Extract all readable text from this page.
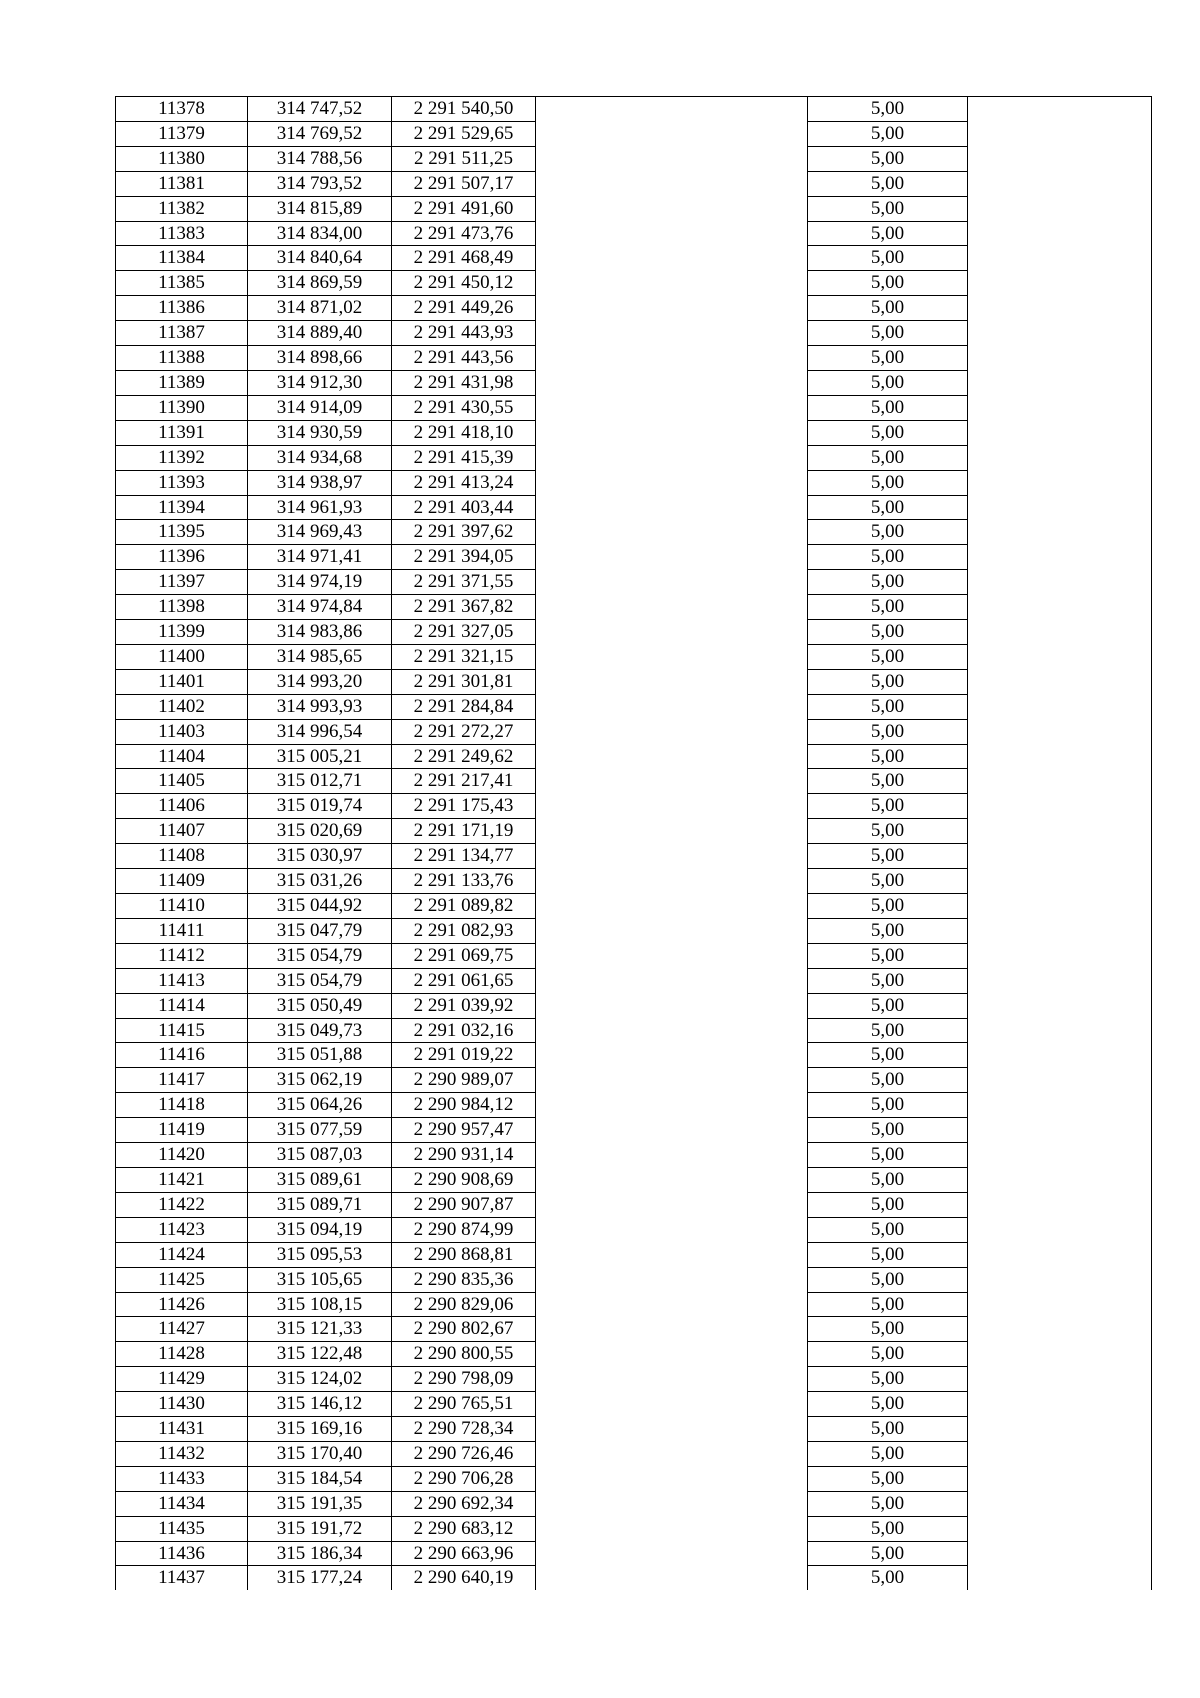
11378	314 747,52	2 291 540,50		5,00	
11379	314 769,52	2 291 529,65		5,00	
11380	314 788,56	2 291 511,25		5,00	
11381	314 793,52	2 291 507,17		5,00	
11382	314 815,89	2 291 491,60		5,00	
11383	314 834,00	2 291 473,76		5,00	
11384	314 840,64	2 291 468,49		5,00	
11385	314 869,59	2 291 450,12		5,00	
11386	314 871,02	2 291 449,26		5,00	
11387	314 889,40	2 291 443,93		5,00	
11388	314 898,66	2 291 443,56		5,00	
11389	314 912,30	2 291 431,98		5,00	
11390	314 914,09	2 291 430,55		5,00	
11391	314 930,59	2 291 418,10		5,00	
11392	314 934,68	2 291 415,39		5,00	
11393	314 938,97	2 291 413,24		5,00	
11394	314 961,93	2 291 403,44		5,00	
11395	314 969,43	2 291 397,62		5,00	
11396	314 971,41	2 291 394,05		5,00	
11397	314 974,19	2 291 371,55		5,00	
11398	314 974,84	2 291 367,82		5,00	
11399	314 983,86	2 291 327,05		5,00	
11400	314 985,65	2 291 321,15		5,00	
11401	314 993,20	2 291 301,81		5,00	
11402	314 993,93	2 291 284,84		5,00	
11403	314 996,54	2 291 272,27		5,00	
11404	315 005,21	2 291 249,62		5,00	
11405	315 012,71	2 291 217,41		5,00	
11406	315 019,74	2 291 175,43		5,00	
11407	315 020,69	2 291 171,19		5,00	
11408	315 030,97	2 291 134,77		5,00	
11409	315 031,26	2 291 133,76		5,00	
11410	315 044,92	2 291 089,82		5,00	
11411	315 047,79	2 291 082,93		5,00	
11412	315 054,79	2 291 069,75		5,00	
11413	315 054,79	2 291 061,65		5,00	
11414	315 050,49	2 291 039,92		5,00	
11415	315 049,73	2 291 032,16		5,00	
11416	315 051,88	2 291 019,22		5,00	
11417	315 062,19	2 290 989,07		5,00	
11418	315 064,26	2 290 984,12		5,00	
11419	315 077,59	2 290 957,47		5,00	
11420	315 087,03	2 290 931,14		5,00	
11421	315 089,61	2 290 908,69		5,00	
11422	315 089,71	2 290 907,87		5,00	
11423	315 094,19	2 290 874,99		5,00	
11424	315 095,53	2 290 868,81		5,00	
11425	315 105,65	2 290 835,36		5,00	
11426	315 108,15	2 290 829,06		5,00	
11427	315 121,33	2 290 802,67		5,00	
11428	315 122,48	2 290 800,55		5,00	
11429	315 124,02	2 290 798,09		5,00	
11430	315 146,12	2 290 765,51		5,00	
11431	315 169,16	2 290 728,34		5,00	
11432	315 170,40	2 290 726,46		5,00	
11433	315 184,54	2 290 706,28		5,00	
11434	315 191,35	2 290 692,34		5,00	
11435	315 191,72	2 290 683,12		5,00	
11436	315 186,34	2 290 663,96		5,00	
11437	315 177,24	2 290 640,19		5,00	
